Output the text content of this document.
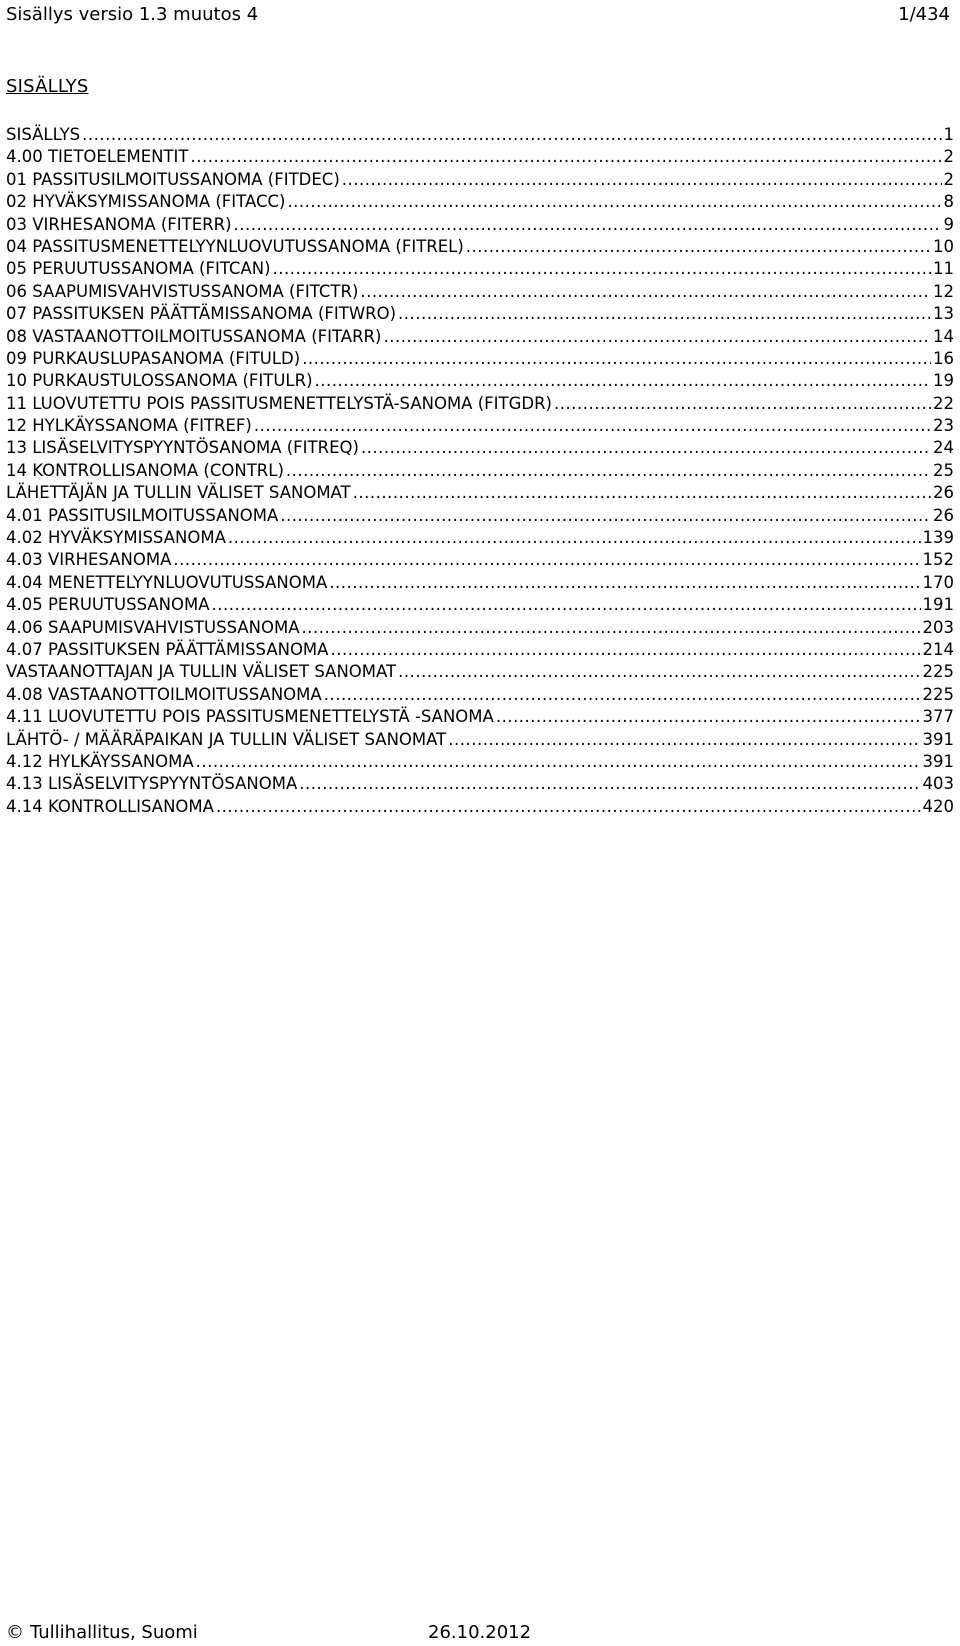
Sisällys versio 1.3 muutos 4	1/434
SISÄLLYS
SISÄLLYS .....	1
4.00 TIETOELEMENTIT .....	2
01 PASSITUSILMOITUSSANOMA (FITDEC) .....	2
02 HYVÄKSYMISSANOMA (FITACC) .....	8
03 VIRHESANOMA (FITERR) .....	9
04 PASSITUSMENETTELYYNLUOVUTUSSANOMA (FITREL) .....	10
05 PERUUTUSSANOMA (FITCAN) .....	11
06 SAAPUMISVAHVISTUSSANOMA (FITCTR) .....	12
07 PASSITUKSEN PÄÄTTÄMISSANOMA (FITWRO) .....	13
08 VASTAANOTTOILMOITUSSANOMA (FITARR) .....	14
09 PURKAUSLUPASANOMA (FITULD) .....	16
10 PURKAUSTULOSSANOMA (FITULR) .....	19
11 LUOVUTETTU POIS PASSITUSMENETTELYSTÄ-SANOMA (FITGDR) .....	22
12 HYLKÄYSSANOMA (FITREF) .....	23
13 LISÄSELVITYSPYYNTÖSANOMA (FITREQ) .....	24
14 KONTROLLISANOMA (CONTRL) .....	25
LÄHETTÄJÄN JA TULLIN VÄLISET SANOMAT .....	26
4.01 PASSITUSILMOITUSSANOMA .....	26
4.02 HYVÄKSYMISSANOMA .....	139
4.03 VIRHESANOMA .....	152
4.04 MENETTELYYNLUOVUTUSSANOMA .....	170
4.05 PERUUTUSSANOMA .....	191
4.06 SAAPUMISVAHVISTUSSANOMA .....	203
4.07 PASSITUKSEN PÄÄTTÄMISSANOMA .....	214
VASTAANOTTAJAN JA TULLIN VÄLISET SANOMAT .....	225
4.08 VASTAANOTTOILMOITUSSANOMA .....	225
4.11 LUOVUTETTU POIS PASSITUSMENETTELYSTÄ -SANOMA .....	377
LÄHTÖ- / MÄÄRÄPAIKAN JA TULLIN VÄLISET SANOMAT .....	391
4.12 HYLKÄYSSANOMA .....	391
4.13 LISÄSELVITYSPYYNTÖSANOMA .....	403
4.14 KONTROLLISANOMA .....	420
© Tullihallitus, Suomi	26.10.2012
